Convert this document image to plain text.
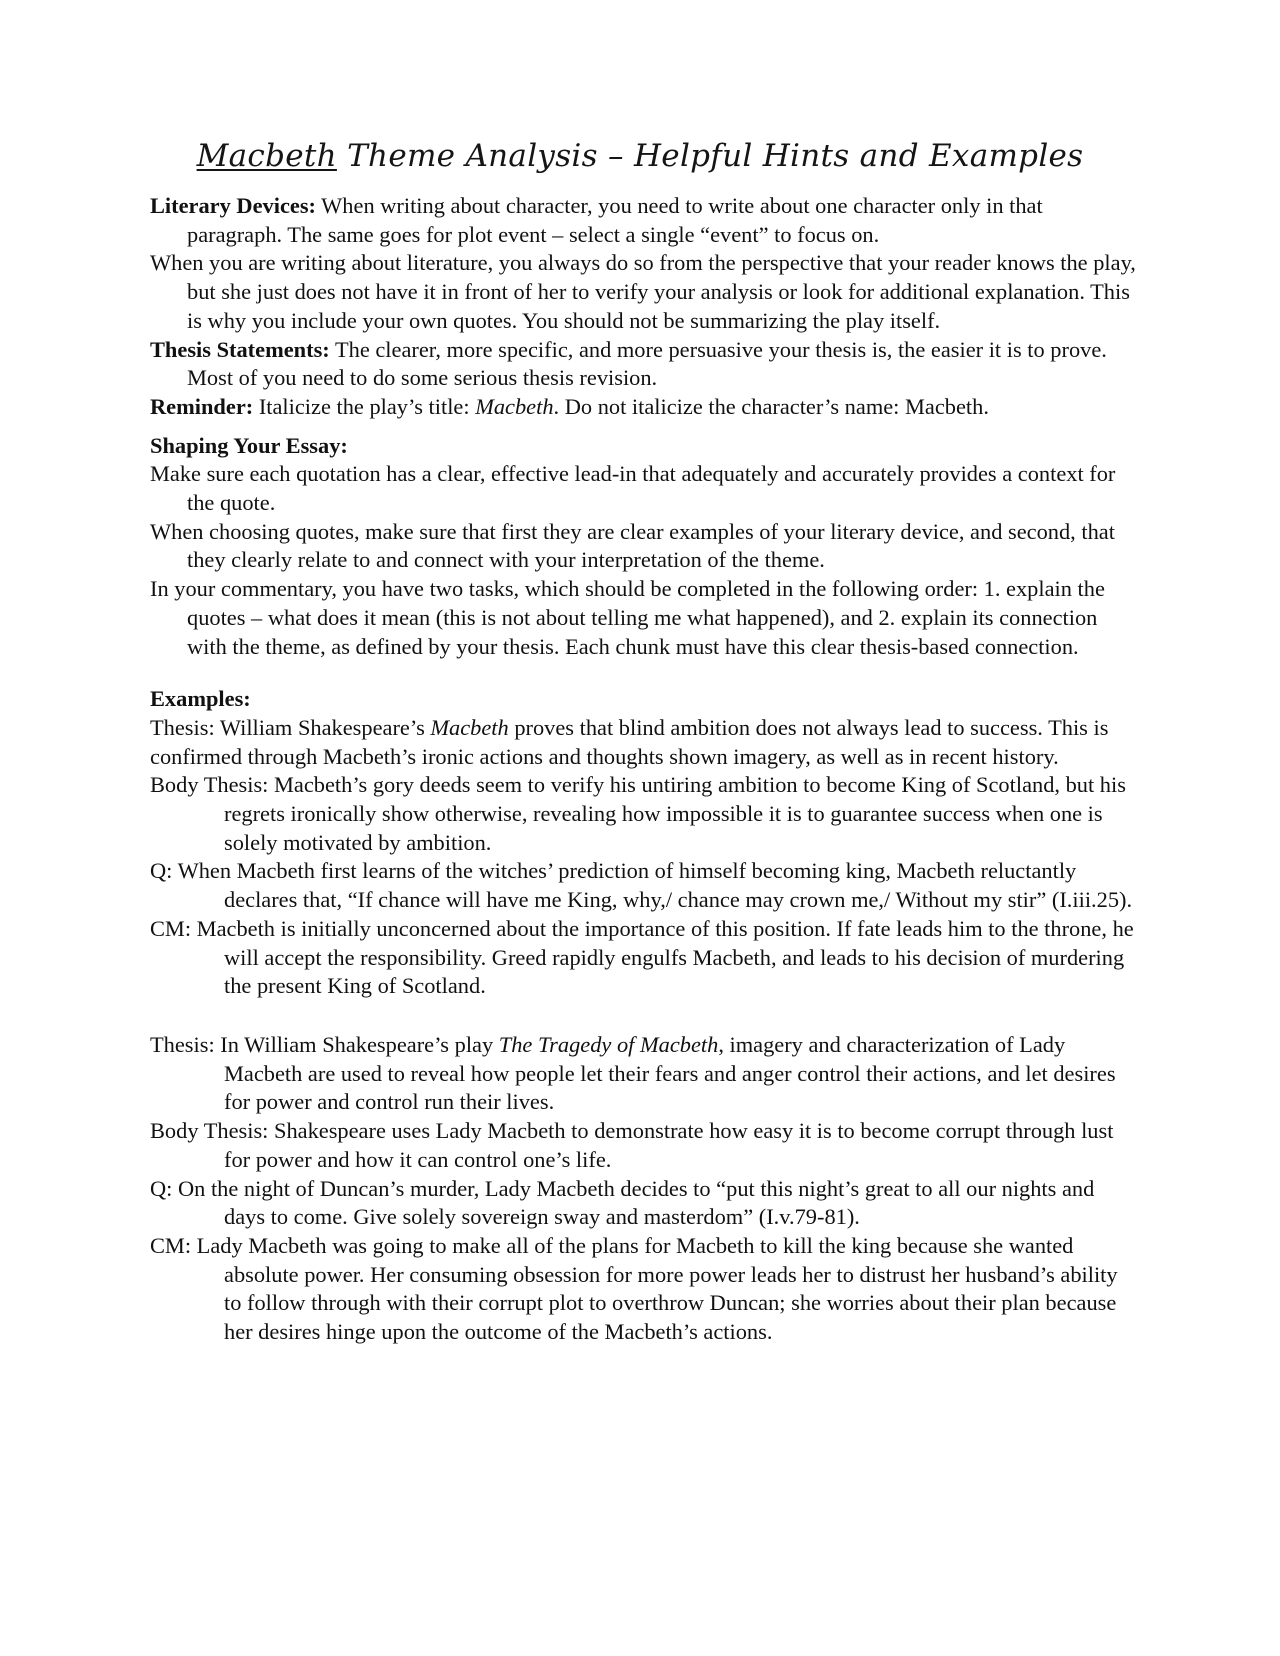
Macbeth Theme Analysis – Helpful Hints and Examples

Literary Devices: When writing about character, you need to write about one character only in that paragraph. The same goes for plot event – select a single “event” to focus on.

When you are writing about literature, you always do so from the perspective that your reader knows the play, but she just does not have it in front of her to verify your analysis or look for additional explanation. This is why you include your own quotes. You should not be summarizing the play itself.

Thesis Statements: The clearer, more specific, and more persuasive your thesis is, the easier it is to prove. Most of you need to do some serious thesis revision.

Reminder: Italicize the play’s title: Macbeth. Do not italicize the character’s name: Macbeth.

Shaping Your Essay:

Make sure each quotation has a clear, effective lead-in that adequately and accurately provides a context for the quote.

When choosing quotes, make sure that first they are clear examples of your literary device, and second, that they clearly relate to and connect with your interpretation of the theme.

In your commentary, you have two tasks, which should be completed in the following order: 1. explain the quotes – what does it mean (this is not about telling me what happened), and 2. explain its connection with the theme, as defined by your thesis. Each chunk must have this clear thesis-based connection.

Examples:

Thesis: William Shakespeare’s Macbeth proves that blind ambition does not always lead to success. This is confirmed through Macbeth’s ironic actions and thoughts shown imagery, as well as in recent history.

Body Thesis: Macbeth’s gory deeds seem to verify his untiring ambition to become King of Scotland, but his regrets ironically show otherwise, revealing how impossible it is to guarantee success when one is solely motivated by ambition.

Q: When Macbeth first learns of the witches’ prediction of himself becoming king, Macbeth reluctantly declares that, “If chance will have me King, why,/ chance may crown me,/ Without my stir” (I.iii.25).

CM: Macbeth is initially unconcerned about the importance of this position. If fate leads him to the throne, he will accept the responsibility. Greed rapidly engulfs Macbeth, and leads to his decision of murdering the present King of Scotland.

Thesis: In William Shakespeare’s play The Tragedy of Macbeth, imagery and characterization of Lady Macbeth are used to reveal how people let their fears and anger control their actions, and let desires for power and control run their lives.

Body Thesis: Shakespeare uses Lady Macbeth to demonstrate how easy it is to become corrupt through lust for power and how it can control one’s life.

Q: On the night of Duncan’s murder, Lady Macbeth decides to “put this night’s great to all our nights and days to come. Give solely sovereign sway and masterdom” (I.v.79-81).

CM: Lady Macbeth was going to make all of the plans for Macbeth to kill the king because she wanted absolute power. Her consuming obsession for more power leads her to distrust her husband’s ability to follow through with their corrupt plot to overthrow Duncan; she worries about their plan because her desires hinge upon the outcome of the Macbeth’s actions.
